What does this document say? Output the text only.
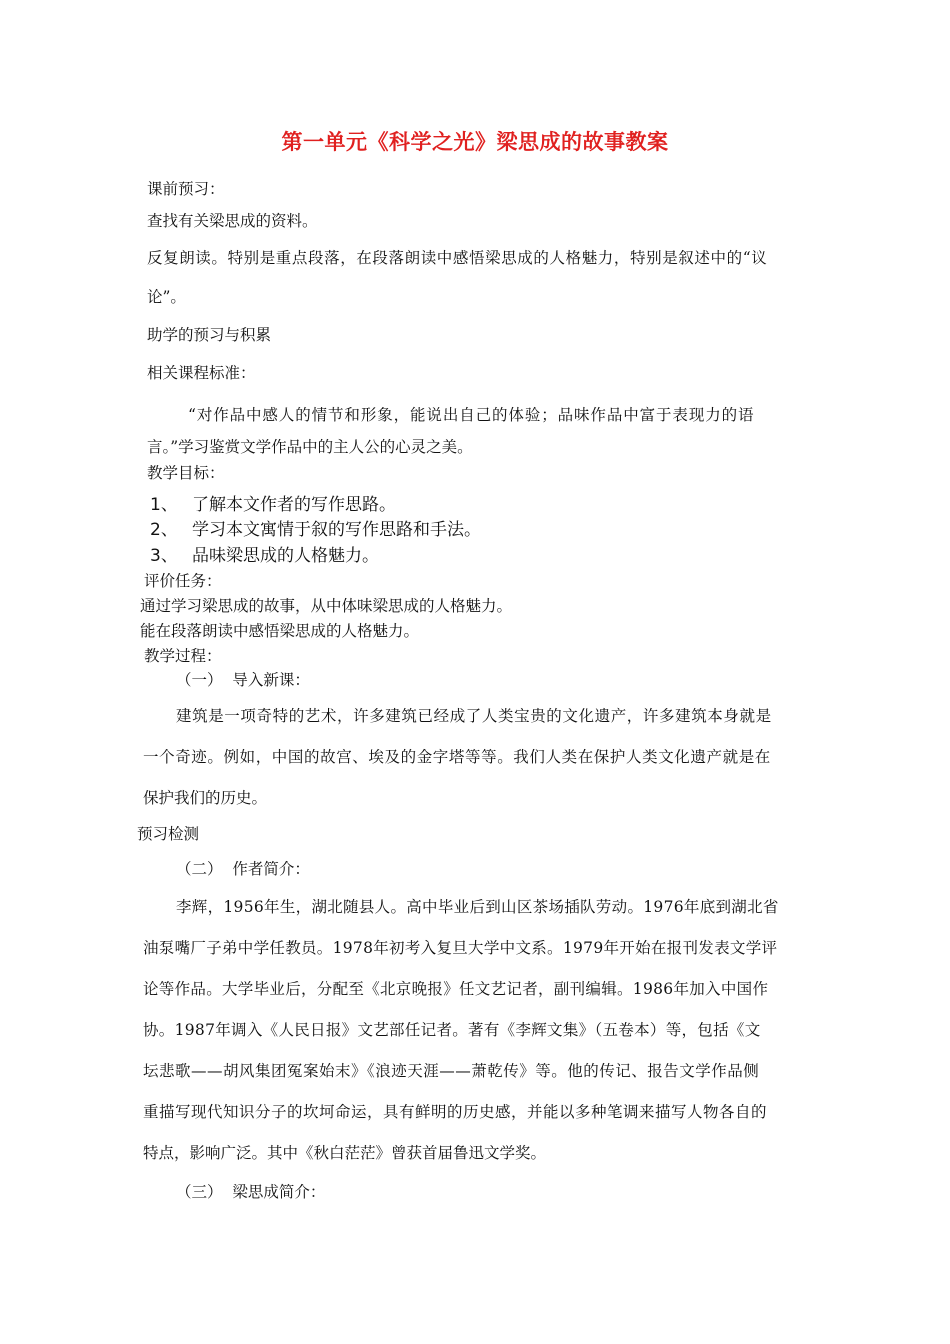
第一单元《科学之光》梁思成的故事教案
课前预习：
查找有关梁思成的资料。
反复朗读。特别是重点段落，在段落朗读中感悟梁思成的人格魅力，特别是叙述中的“议
论”。
助学的预习与积累
相关课程标准：
“对作品中感人的情节和形象，能说出自己的体验；品味作品中富于表现力的语
言。”学习鉴赏文学作品中的主人公的心灵之美。
教学目标：
1、 了解本文作者的写作思路。
2、 学习本文寓情于叙的写作思路和手法。
3、 品味梁思成的人格魅力。
评价任务：
通过学习梁思成的故事，从中体味梁思成的人格魅力。
能在段落朗读中感悟梁思成的人格魅力。
教学过程：
（一）  导入新课：
建筑是一项奇特的艺术，许多建筑已经成了人类宝贵的文化遗产，许多建筑本身就是
一个奇迹。例如，中国的故宫、埃及的金字塔等等。我们人类在保护人类文化遗产就是在
保护我们的历史。
预习检测
（二）  作者简介：
李辉，1956年生，湖北随县人。高中毕业后到山区茶场插队劳动。1976年底到湖北省
油泵嘴厂子弟中学任教员。1978年初考入复旦大学中文系。1979年开始在报刊发表文学评
论等作品。大学毕业后，分配至《北京晚报》任文艺记者，副刊编辑。1986年加入中国作
协。1987年调入《人民日报》文艺部任记者。著有《李辉文集》（五卷本）等，包括《文
坛悲歌——胡风集团冤案始末》《浪迹天涯——萧乾传》等。他的传记、报告文学作品侧
重描写现代知识分子的坎坷命运，具有鲜明的历史感，并能以多种笔调来描写人物各自的
特点，影响广泛。其中《秋白茫茫》曾获首届鲁迅文学奖。
（三）  梁思成简介：
